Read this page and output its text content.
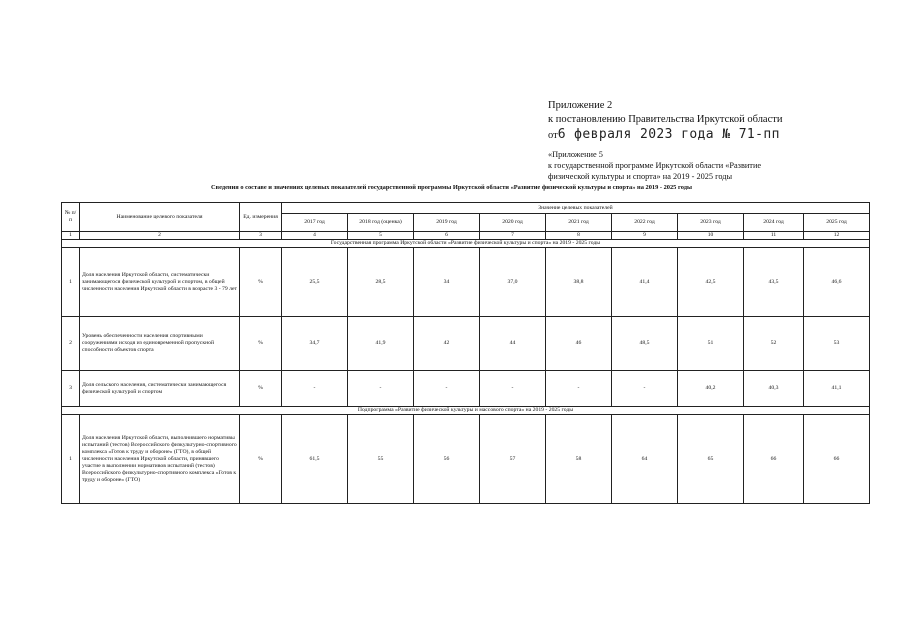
Приложение 2
к постановлению Правительства Иркутской области
от6 февраля 2023 года № 71-пп
«Приложение 5
к государственной программе Иркутской области «Развитие
физической культуры и спорта» на 2019 - 2025 годы
Сведения о составе и значениях целевых показателей государственной программы Иркутской области «Развитие физической культуры и спорта» на 2019 - 2025 годы
№ п/п	Наименование целевого показателя	Ед. измерения	Значение целевых показателей								
			2017 год	2018 год (оценка)	2019 год	2020 год	2021 год	2022 год	2023 год	2024 год	2025 год
1	2	3	4	5	6	7	8	9	10	11	12
Государственная программа Иркутской области «Развитие физической культуры и спорта» на 2019 - 2025 годы											
1	Доля населения Иркутской области, систематически занимающегося физической культурой и спортом, в общей численности населения Иркутской области в возрасте 3 - 79 лет	%	25,5	28,5	34	37,0	38,8	41,4	42,5	43,5	46,6
2	Уровень обеспеченности населения спортивными сооружениями исходя из единовременной пропускной способности объектов спорта	%	34,7	41,9	42	44	46	48,5	51	52	53
3	Доля сельского населения, систематически занимающегося физической культурой и спортом	%	-	-	-	-	-	-	40,2	40,3	41,1
Подпрограмма «Развитие физической культуры и массового спорта» на 2019 - 2025 годы											
1	Доля населения Иркутской области, выполнившего нормативы испытаний (тестов) Всероссийского физкультурно-спортивного комплекса «Готов к труду и обороне» (ГТО), в общей численности населения Иркутской области, принявшего участие в выполнении нормативов испытаний (тестов) Всероссийского физкультурно-спортивного комплекса «Готов к труду и обороне» (ГТО)	%	61,5	55	56	57	58	64	65	66	66
